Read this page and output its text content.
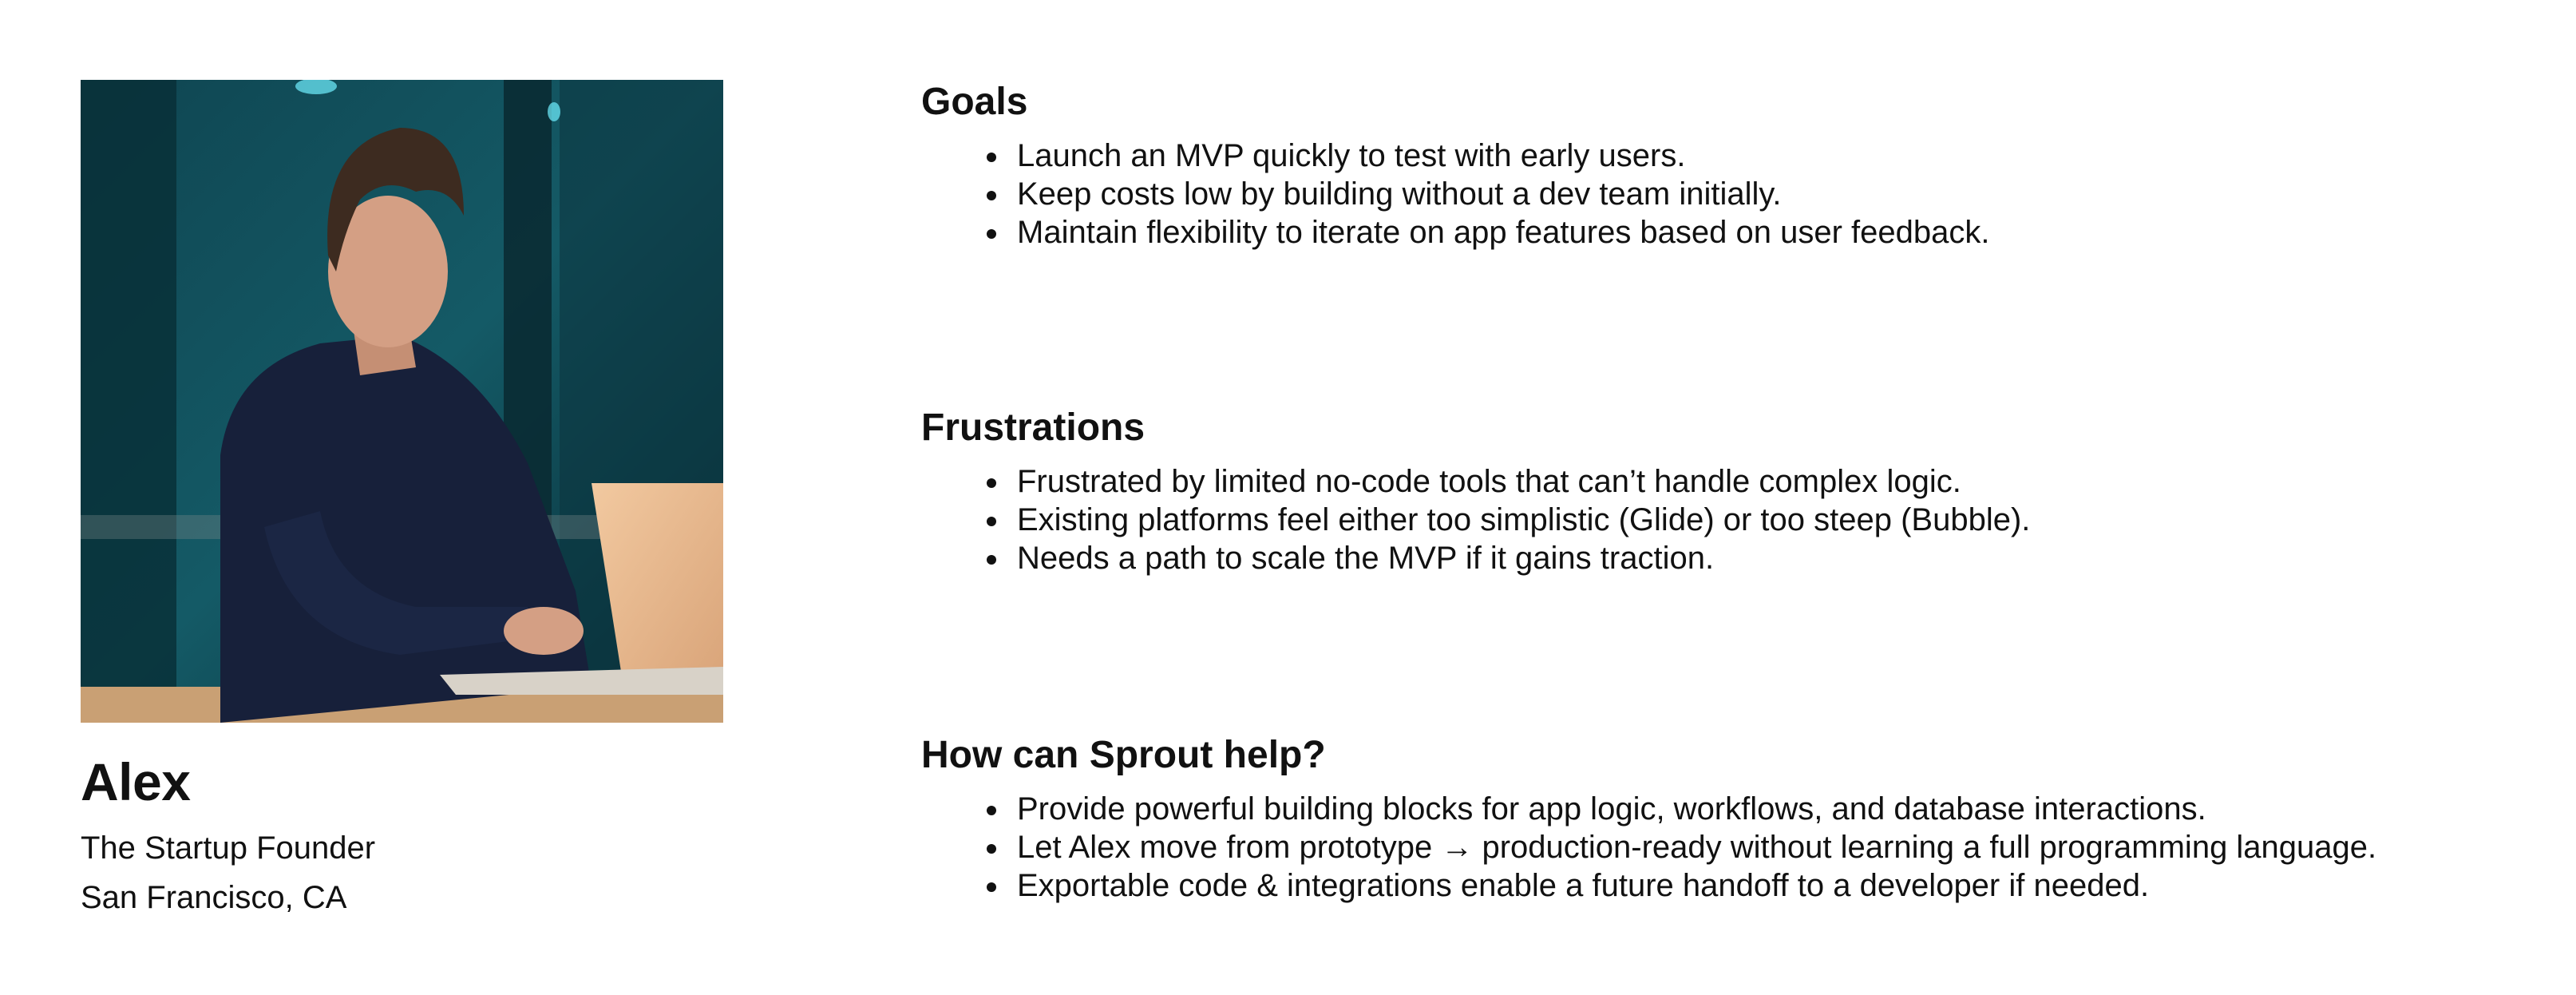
Alex
The Startup Founder
San Francisco, CA
Goals
Launch an MVP quickly to test with early users.
Keep costs low by building without a dev team initially.
Maintain flexibility to iterate on app features based on user feedback.
Frustrations
Frustrated by limited no-code tools that can’t handle complex logic.
Existing platforms feel either too simplistic (Glide) or too steep (Bubble).
Needs a path to scale the MVP if it gains traction.
How can Sprout help?
Provide powerful building blocks for app logic, workflows, and database interactions.
Let Alex move from prototype → production-ready without learning a full programming language.
Exportable code & integrations enable a future handoff to a developer if needed.
